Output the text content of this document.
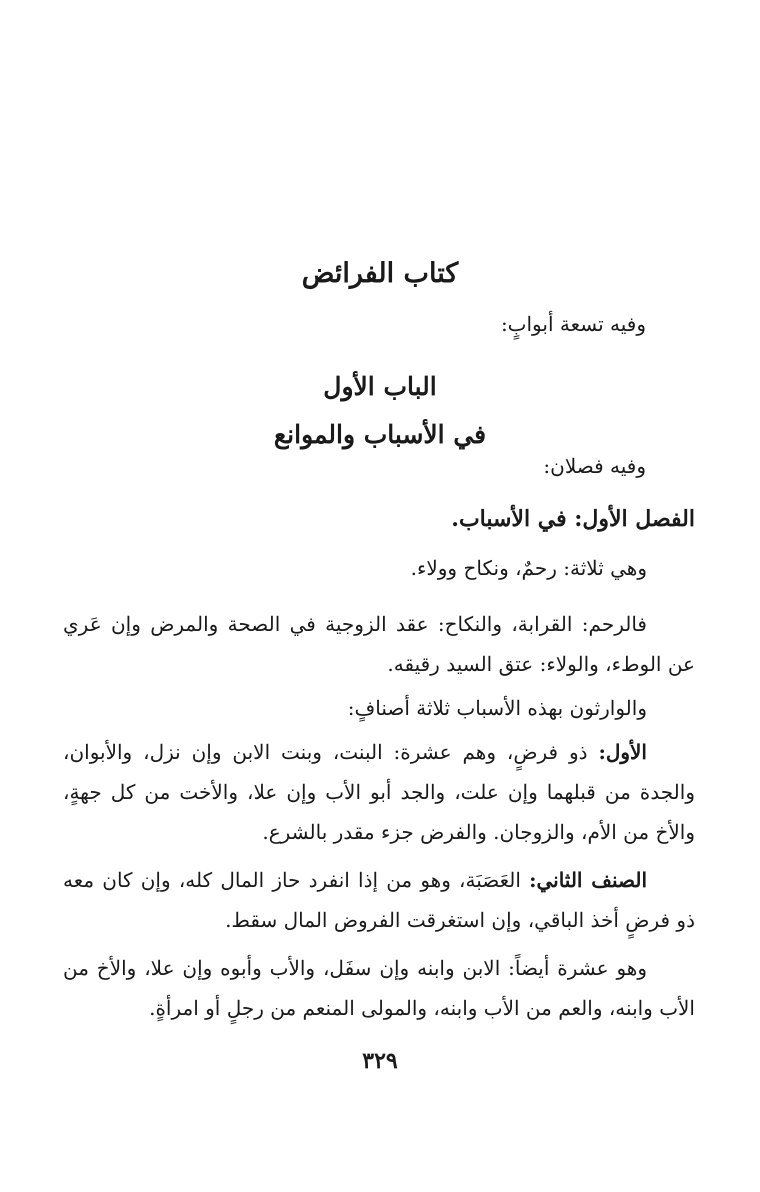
كتاب الفرائض
وفيه تسعة أبوابٍ:
الباب الأول
في الأسباب والموانع
وفيه فصلان:
الفصل الأول: في الأسباب.
وهي ثلاثة: رحمٌ، ونكاح وولاء.
فالرحم: القرابة، والنكاح: عقد الزوجية في الصحة والمرض وإن عَري عن الوطء، والولاء: عتق السيد رقيقه.
والوارثون بهذه الأسباب ثلاثة أصنافٍ:
الأول: ذو فرضٍ، وهم عشرة: البنت، وبنت الابن وإن نزل، والأبوان، والجدة من قبلهما وإن علت، والجد أبو الأب وإن علا، والأخت من كل جهةٍ، والأخ من الأم، والزوجان. والفرض جزء مقدر بالشرع.
الصنف الثاني: العَصَبَة، وهو من إذا انفرد حاز المال كله، وإن كان معه ذو فرضٍ أخذ الباقي، وإن استغرقت الفروض المال سقط.
وهو عشرة أيضاً: الابن وابنه وإن سفَل، والأب وأبوه وإن علا، والأخ من الأب وابنه، والعم من الأب وابنه، والمولى المنعم من رجلٍ أو امرأةٍ.
٣٢٩
